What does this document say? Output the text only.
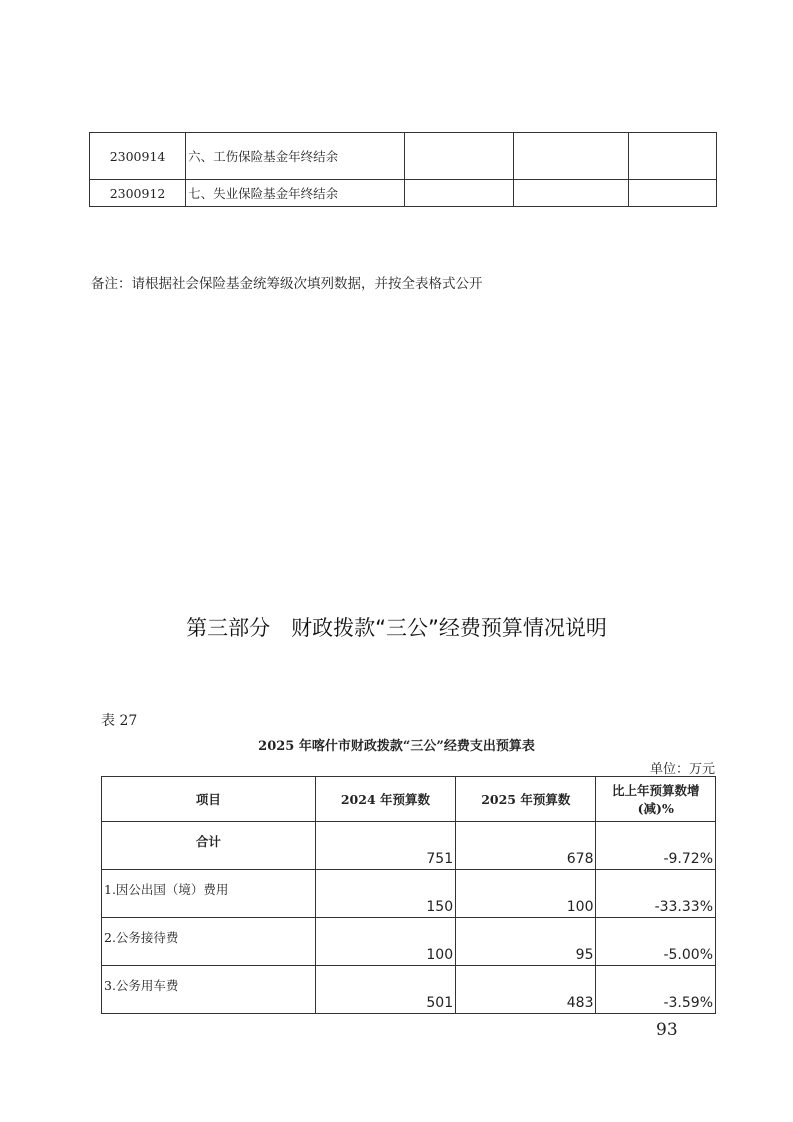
2300914	六、工伤保险基金年终结余			
2300912	七、失业保险基金年终结余			
备注：请根据社会保险基金统筹级次填列数据，并按全表格式公开
第三部分　财政拨款“三公”经费预算情况说明
表 27
2025 年喀什市财政拨款“三公”经费支出预算表
单位：万元
项目	2024 年预算数	2025 年预算数	比上年预算数增(减)%

合计	751	678	-9.72%

1.因公出国（境）费用	150	100	-33.33%

2.公务接待费	100	95	-5.00%

3.公务用车费	501	483	-3.59%
93
